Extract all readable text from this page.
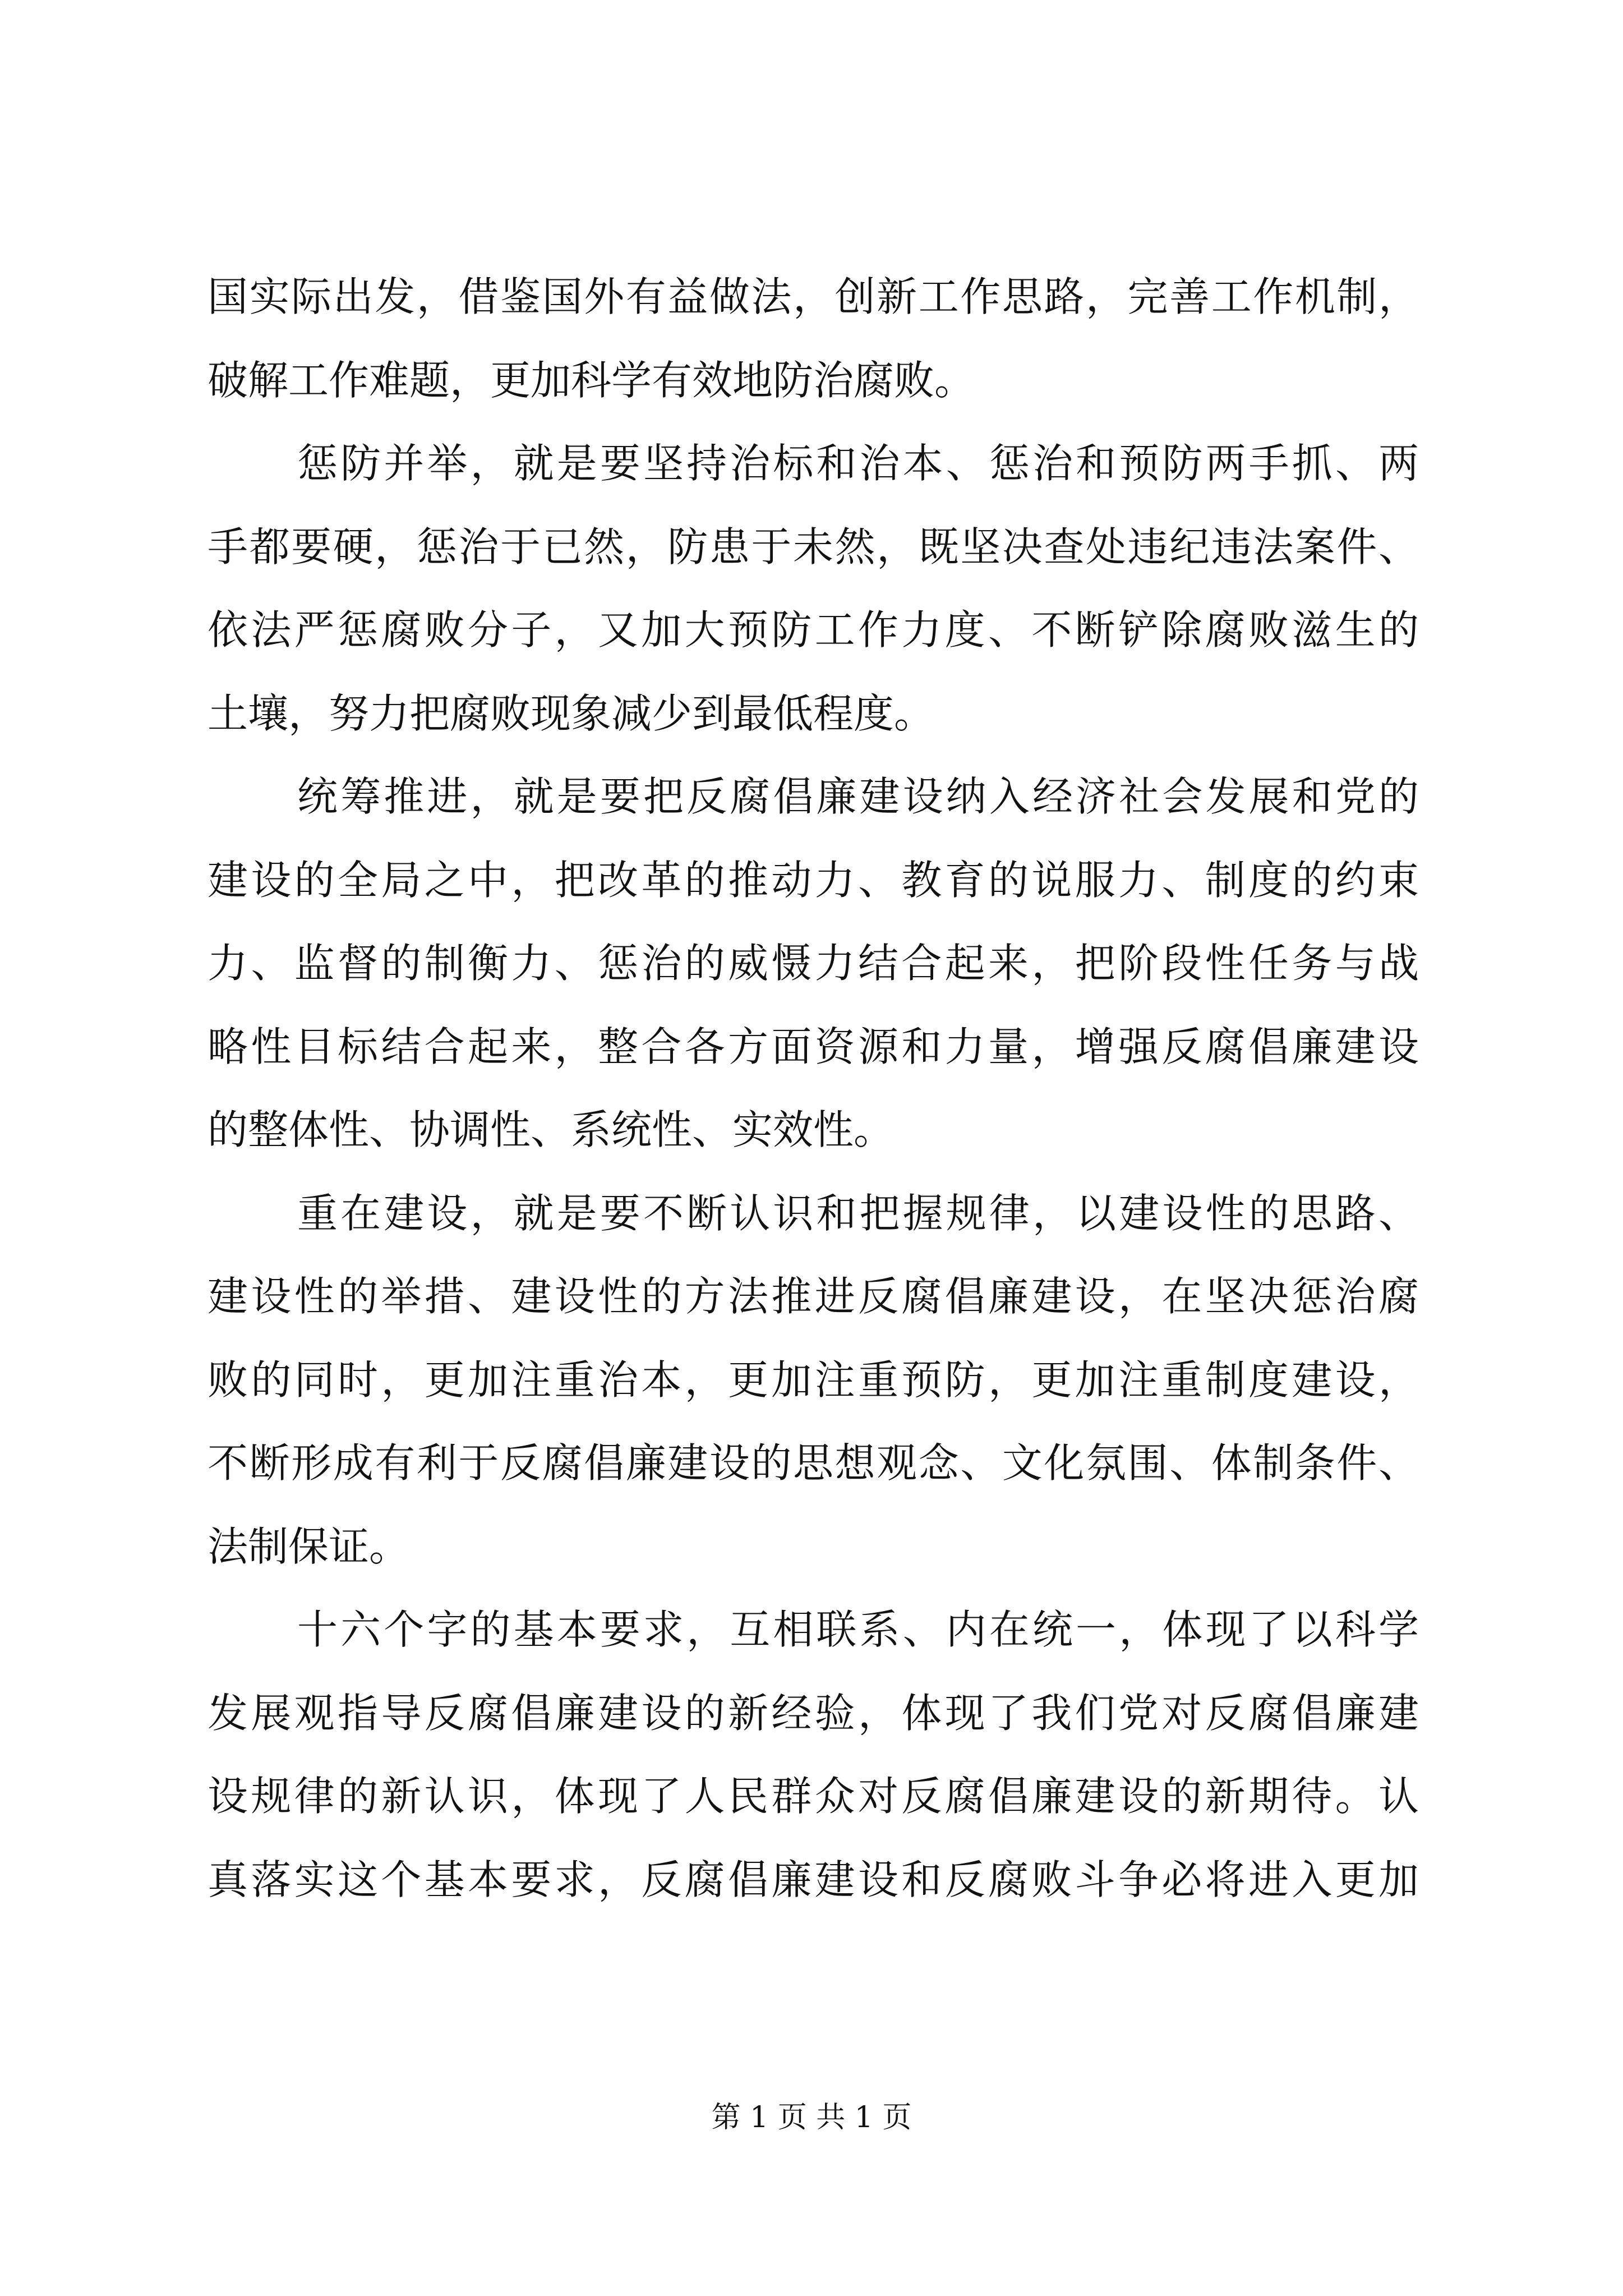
国实际出发，借鉴国外有益做法，创新工作思路，完善工作机制，
破解工作难题，更加科学有效地防治腐败。
惩防并举，就是要坚持治标和治本、惩治和预防两手抓、两
手都要硬，惩治于已然，防患于未然，既坚决查处违纪违法案件、
依法严惩腐败分子，又加大预防工作力度、不断铲除腐败滋生的
土壤，努力把腐败现象减少到最低程度。
统筹推进，就是要把反腐倡廉建设纳入经济社会发展和党的
建设的全局之中，把改革的推动力、教育的说服力、制度的约束
力、监督的制衡力、惩治的威慑力结合起来，把阶段性任务与战
略性目标结合起来，整合各方面资源和力量，增强反腐倡廉建设
的整体性、协调性、系统性、实效性。
重在建设，就是要不断认识和把握规律，以建设性的思路、
建设性的举措、建设性的方法推进反腐倡廉建设，在坚决惩治腐
败的同时，更加注重治本，更加注重预防，更加注重制度建设，
不断形成有利于反腐倡廉建设的思想观念、文化氛围、体制条件、
法制保证。
十六个字的基本要求，互相联系、内在统一，体现了以科学
发展观指导反腐倡廉建设的新经验，体现了我们党对反腐倡廉建
设规律的新认识，体现了人民群众对反腐倡廉建设的新期待。认
真落实这个基本要求，反腐倡廉建设和反腐败斗争必将进入更加
第 1 页 共 1 页
